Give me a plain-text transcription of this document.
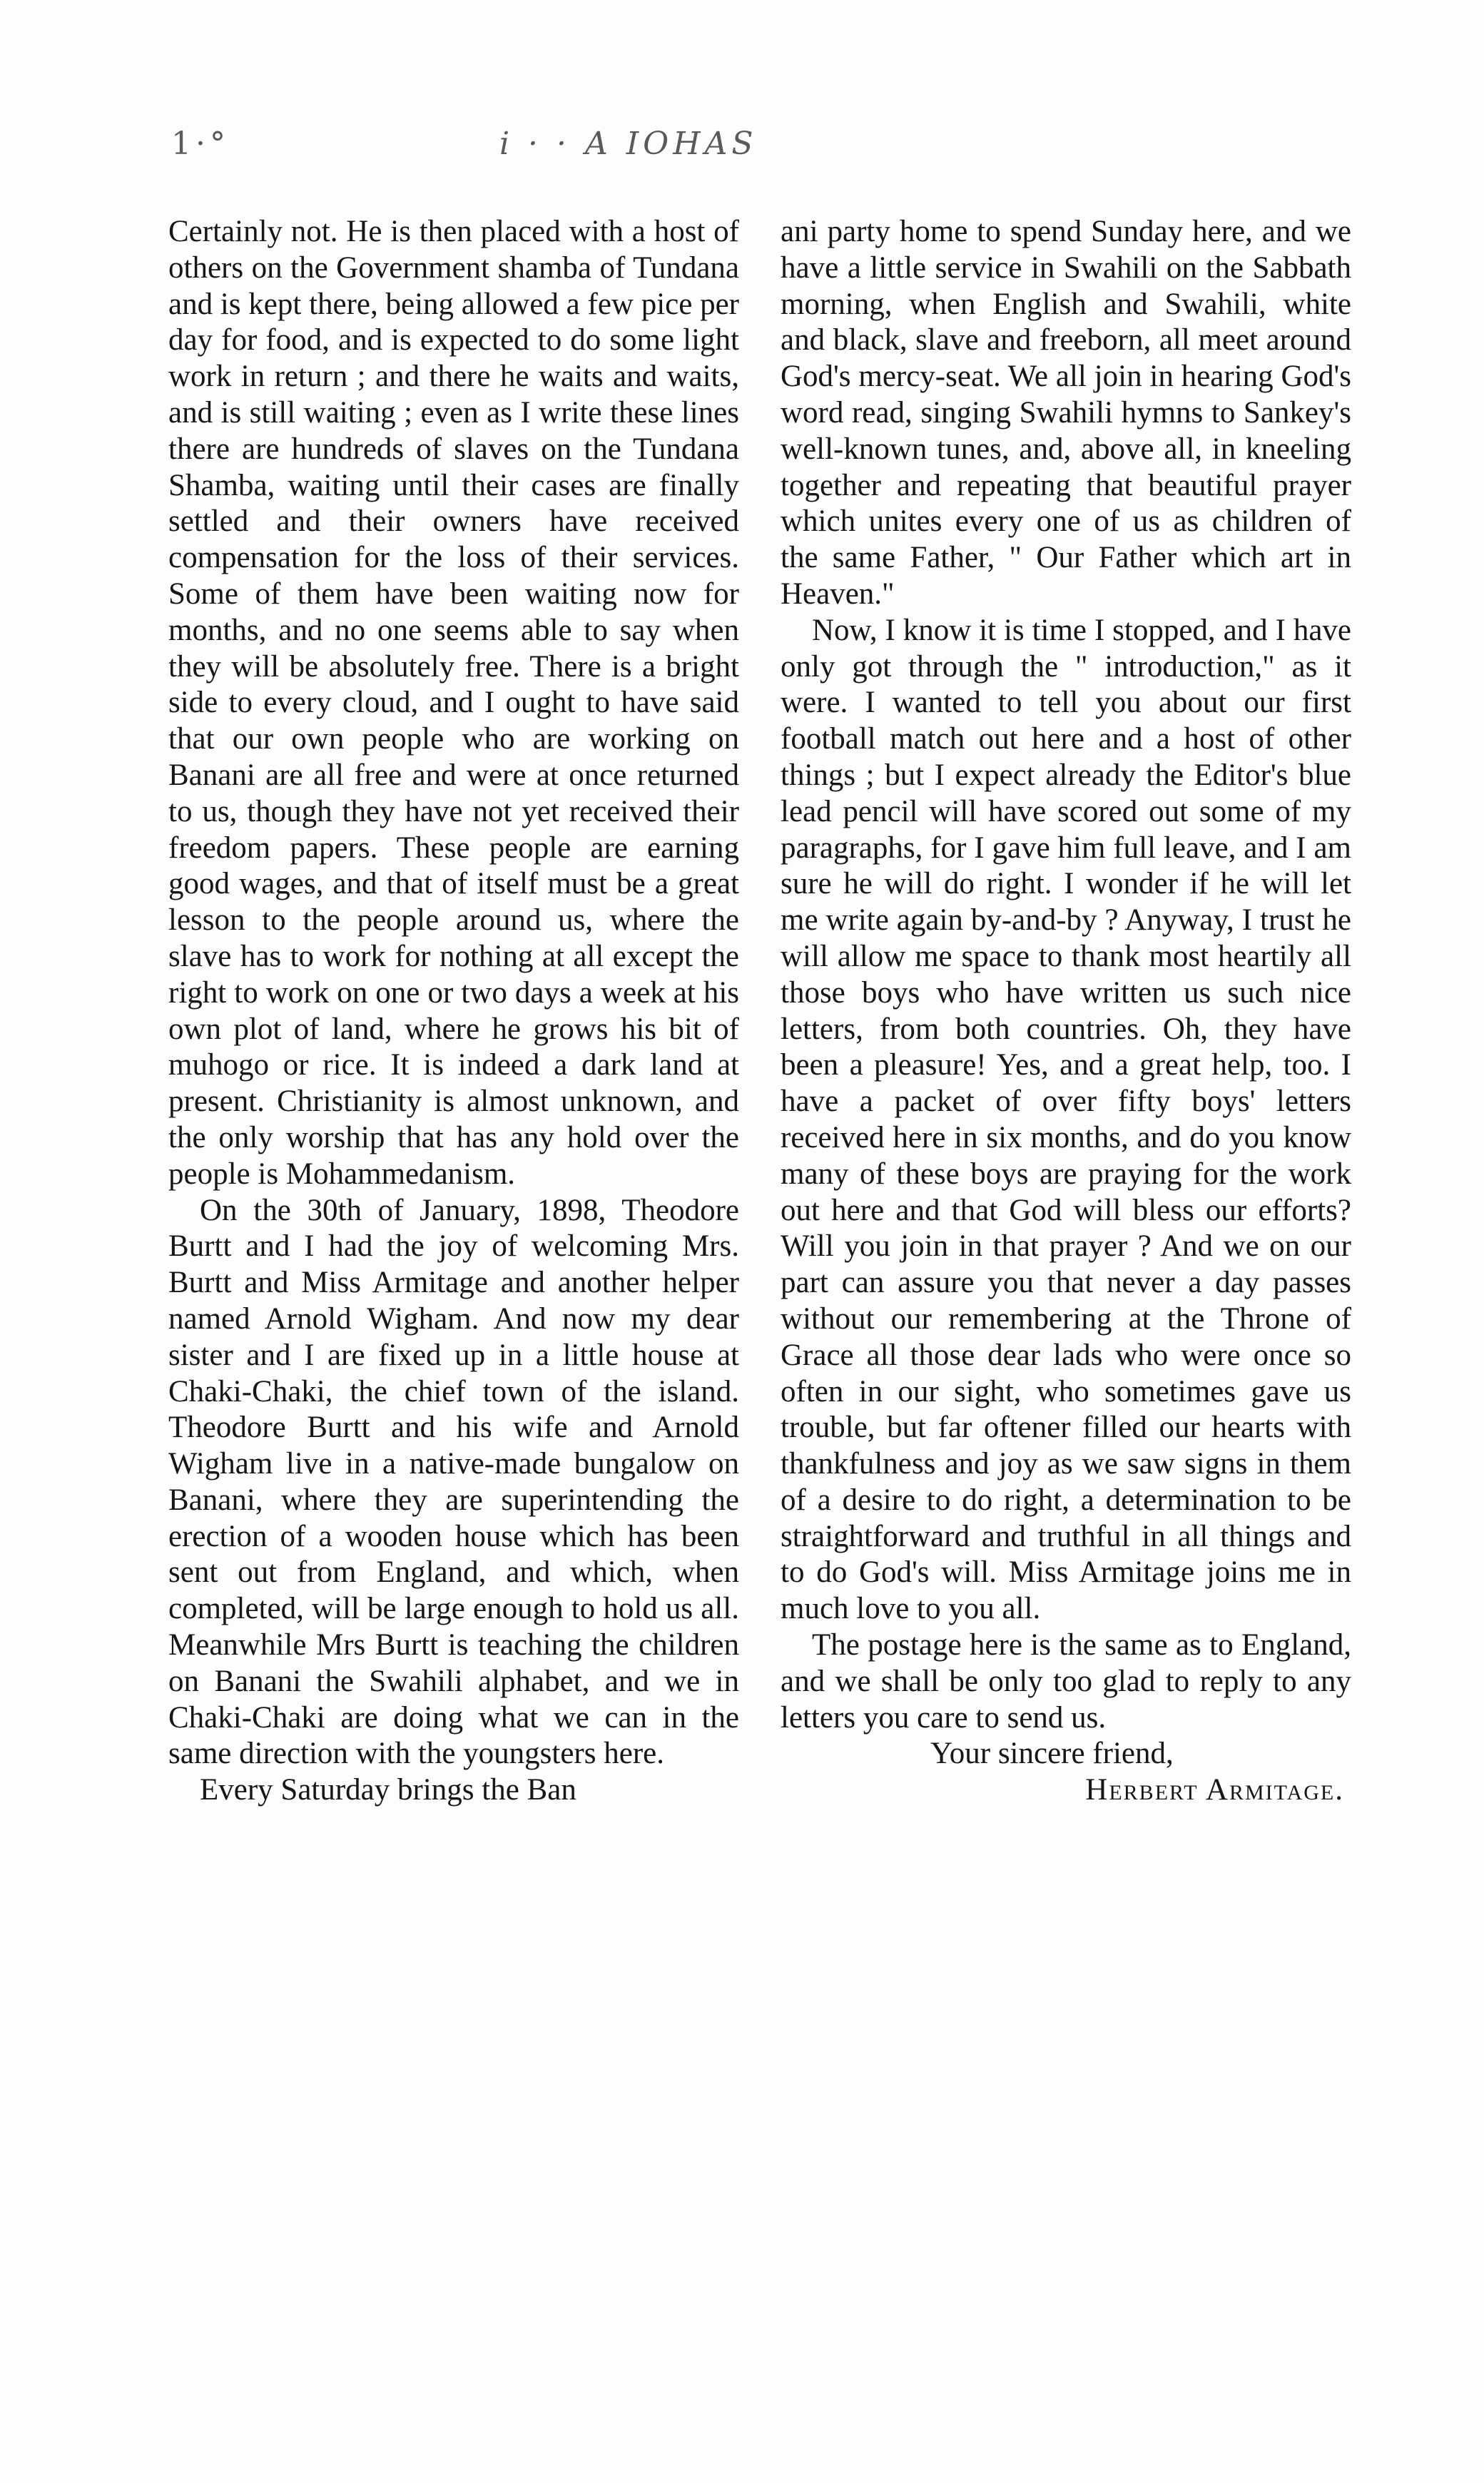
1·°	i · · A IOHAS

Certainly not. He is then placed with a host of others on the Government shamba of Tundana and is kept there, being allowed a few pice per day for food, and is expected to do some light work in return ; and there he waits and waits, and is still waiting ; even as I write these lines there are hundreds of slaves on the Tundana Shamba, waiting until their cases are finally settled and their owners have received compensation for the loss of their services. Some of them have been waiting now for months, and no one seems able to say when they will be absolutely free. There is a bright side to every cloud, and I ought to have said that our own people who are working on Banani are all free and were at once returned to us, though they have not yet received their freedom papers. These people are earning good wages, and that of itself must be a great lesson to the people around us, where the slave has to work for nothing at all except the right to work on one or two days a week at his own plot of land, where he grows his bit of muhogo or rice. It is indeed a dark land at present. Christianity is almost unknown, and the only worship that has any hold over the people is Mohammedanism.

On the 30th of January, 1898, Theodore Burtt and I had the joy of welcoming Mrs. Burtt and Miss Armitage and another helper named Arnold Wigham. And now my dear sister and I are fixed up in a little house at Chaki-Chaki, the chief town of the island. Theodore Burtt and his wife and Arnold Wigham live in a native-made bungalow on Banani, where they are superintending the erection of a wooden house which has been sent out from England, and which, when completed, will be large enough to hold us all. Meanwhile Mrs Burtt is teaching the children on Banani the Swahili alphabet, and we in Chaki-Chaki are doing what we can in the same direction with the youngsters here.

Every Saturday brings the Ban

ani party home to spend Sunday here, and we have a little service in Swahili on the Sabbath morning, when English and Swahili, white and black, slave and freeborn, all meet around God's mercy-seat. We all join in hearing God's word read, singing Swahili hymns to Sankey's well-known tunes, and, above all, in kneeling together and repeating that beautiful prayer which unites every one of us as children of the same Father, " Our Father which art in Heaven."

Now, I know it is time I stopped, and I have only got through the " introduction," as it were. I wanted to tell you about our first football match out here and a host of other things ; but I expect already the Editor's blue lead pencil will have scored out some of my paragraphs, for I gave him full leave, and I am sure he will do right. I wonder if he will let me write again by-and-by ? Anyway, I trust he will allow me space to thank most heartily all those boys who have written us such nice letters, from both countries. Oh, they have been a pleasure! Yes, and a great help, too. I have a packet of over fifty boys' letters received here in six months, and do you know many of these boys are praying for the work out here and that God will bless our efforts? Will you join in that prayer ? And we on our part can assure you that never a day passes without our remembering at the Throne of Grace all those dear lads who were once so often in our sight, who sometimes gave us trouble, but far oftener filled our hearts with thankfulness and joy as we saw signs in them of a desire to do right, a determination to be straightforward and truthful in all things and to do God's will. Miss Armitage joins me in much love to you all.

The postage here is the same as to England, and we shall be only too glad to reply to any letters you care to send us.

Your sincere friend,

Herbert Armitage.
